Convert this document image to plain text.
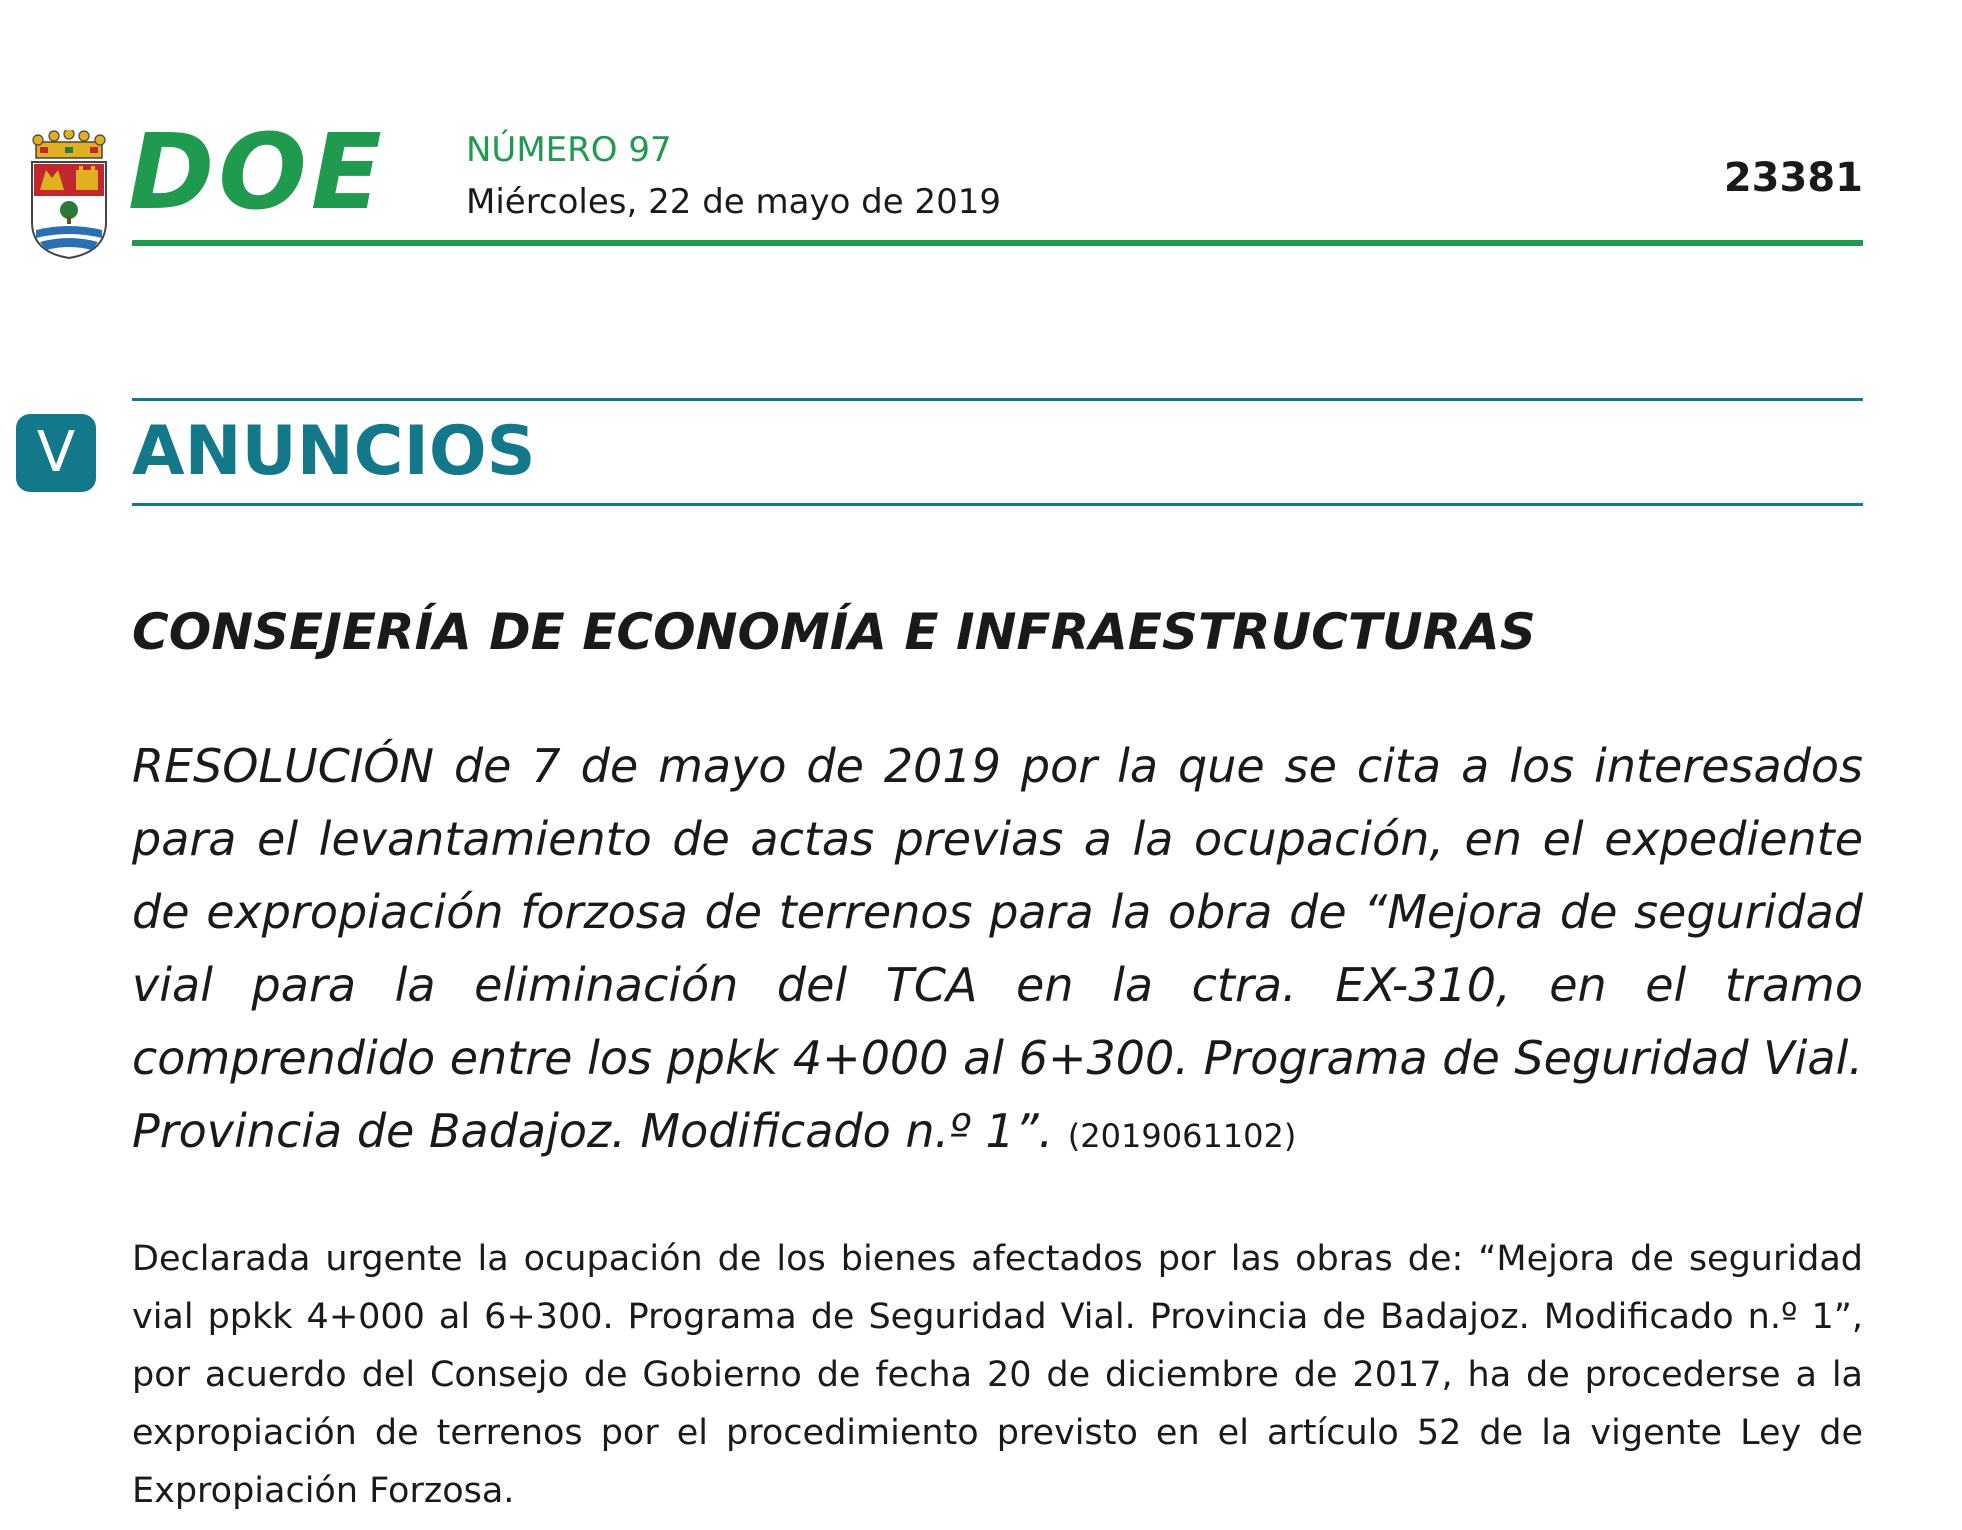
DOE NÚMERO 97
Miércoles, 22 de mayo de 2019
23381
V ANUNCIOS
CONSEJERÍA DE ECONOMÍA E INFRAESTRUCTURAS
RESOLUCIÓN de 7 de mayo de 2019 por la que se cita a los interesados para el levantamiento de actas previas a la ocupación, en el expediente de expropiación forzosa de terrenos para la obra de “Mejora de seguridad vial para la eliminación del TCA en la ctra. EX-310, en el tramo comprendido entre los ppkk 4+000 al 6+300. Programa de Seguridad Vial. Provincia de Badajoz. Modificado n.º 1”. (2019061102)
Declarada urgente la ocupación de los bienes afectados por las obras de: “Mejora de seguridad vial ppkk 4+000 al 6+300. Programa de Seguridad Vial. Provincia de Badajoz. Modificado n.º 1”, por acuerdo del Consejo de Gobierno de fecha 20 de diciembre de 2017, ha de procederse a la expropiación de terrenos por el procedimiento previsto en el artículo 52 de la vigente Ley de Expropiación Forzosa.
